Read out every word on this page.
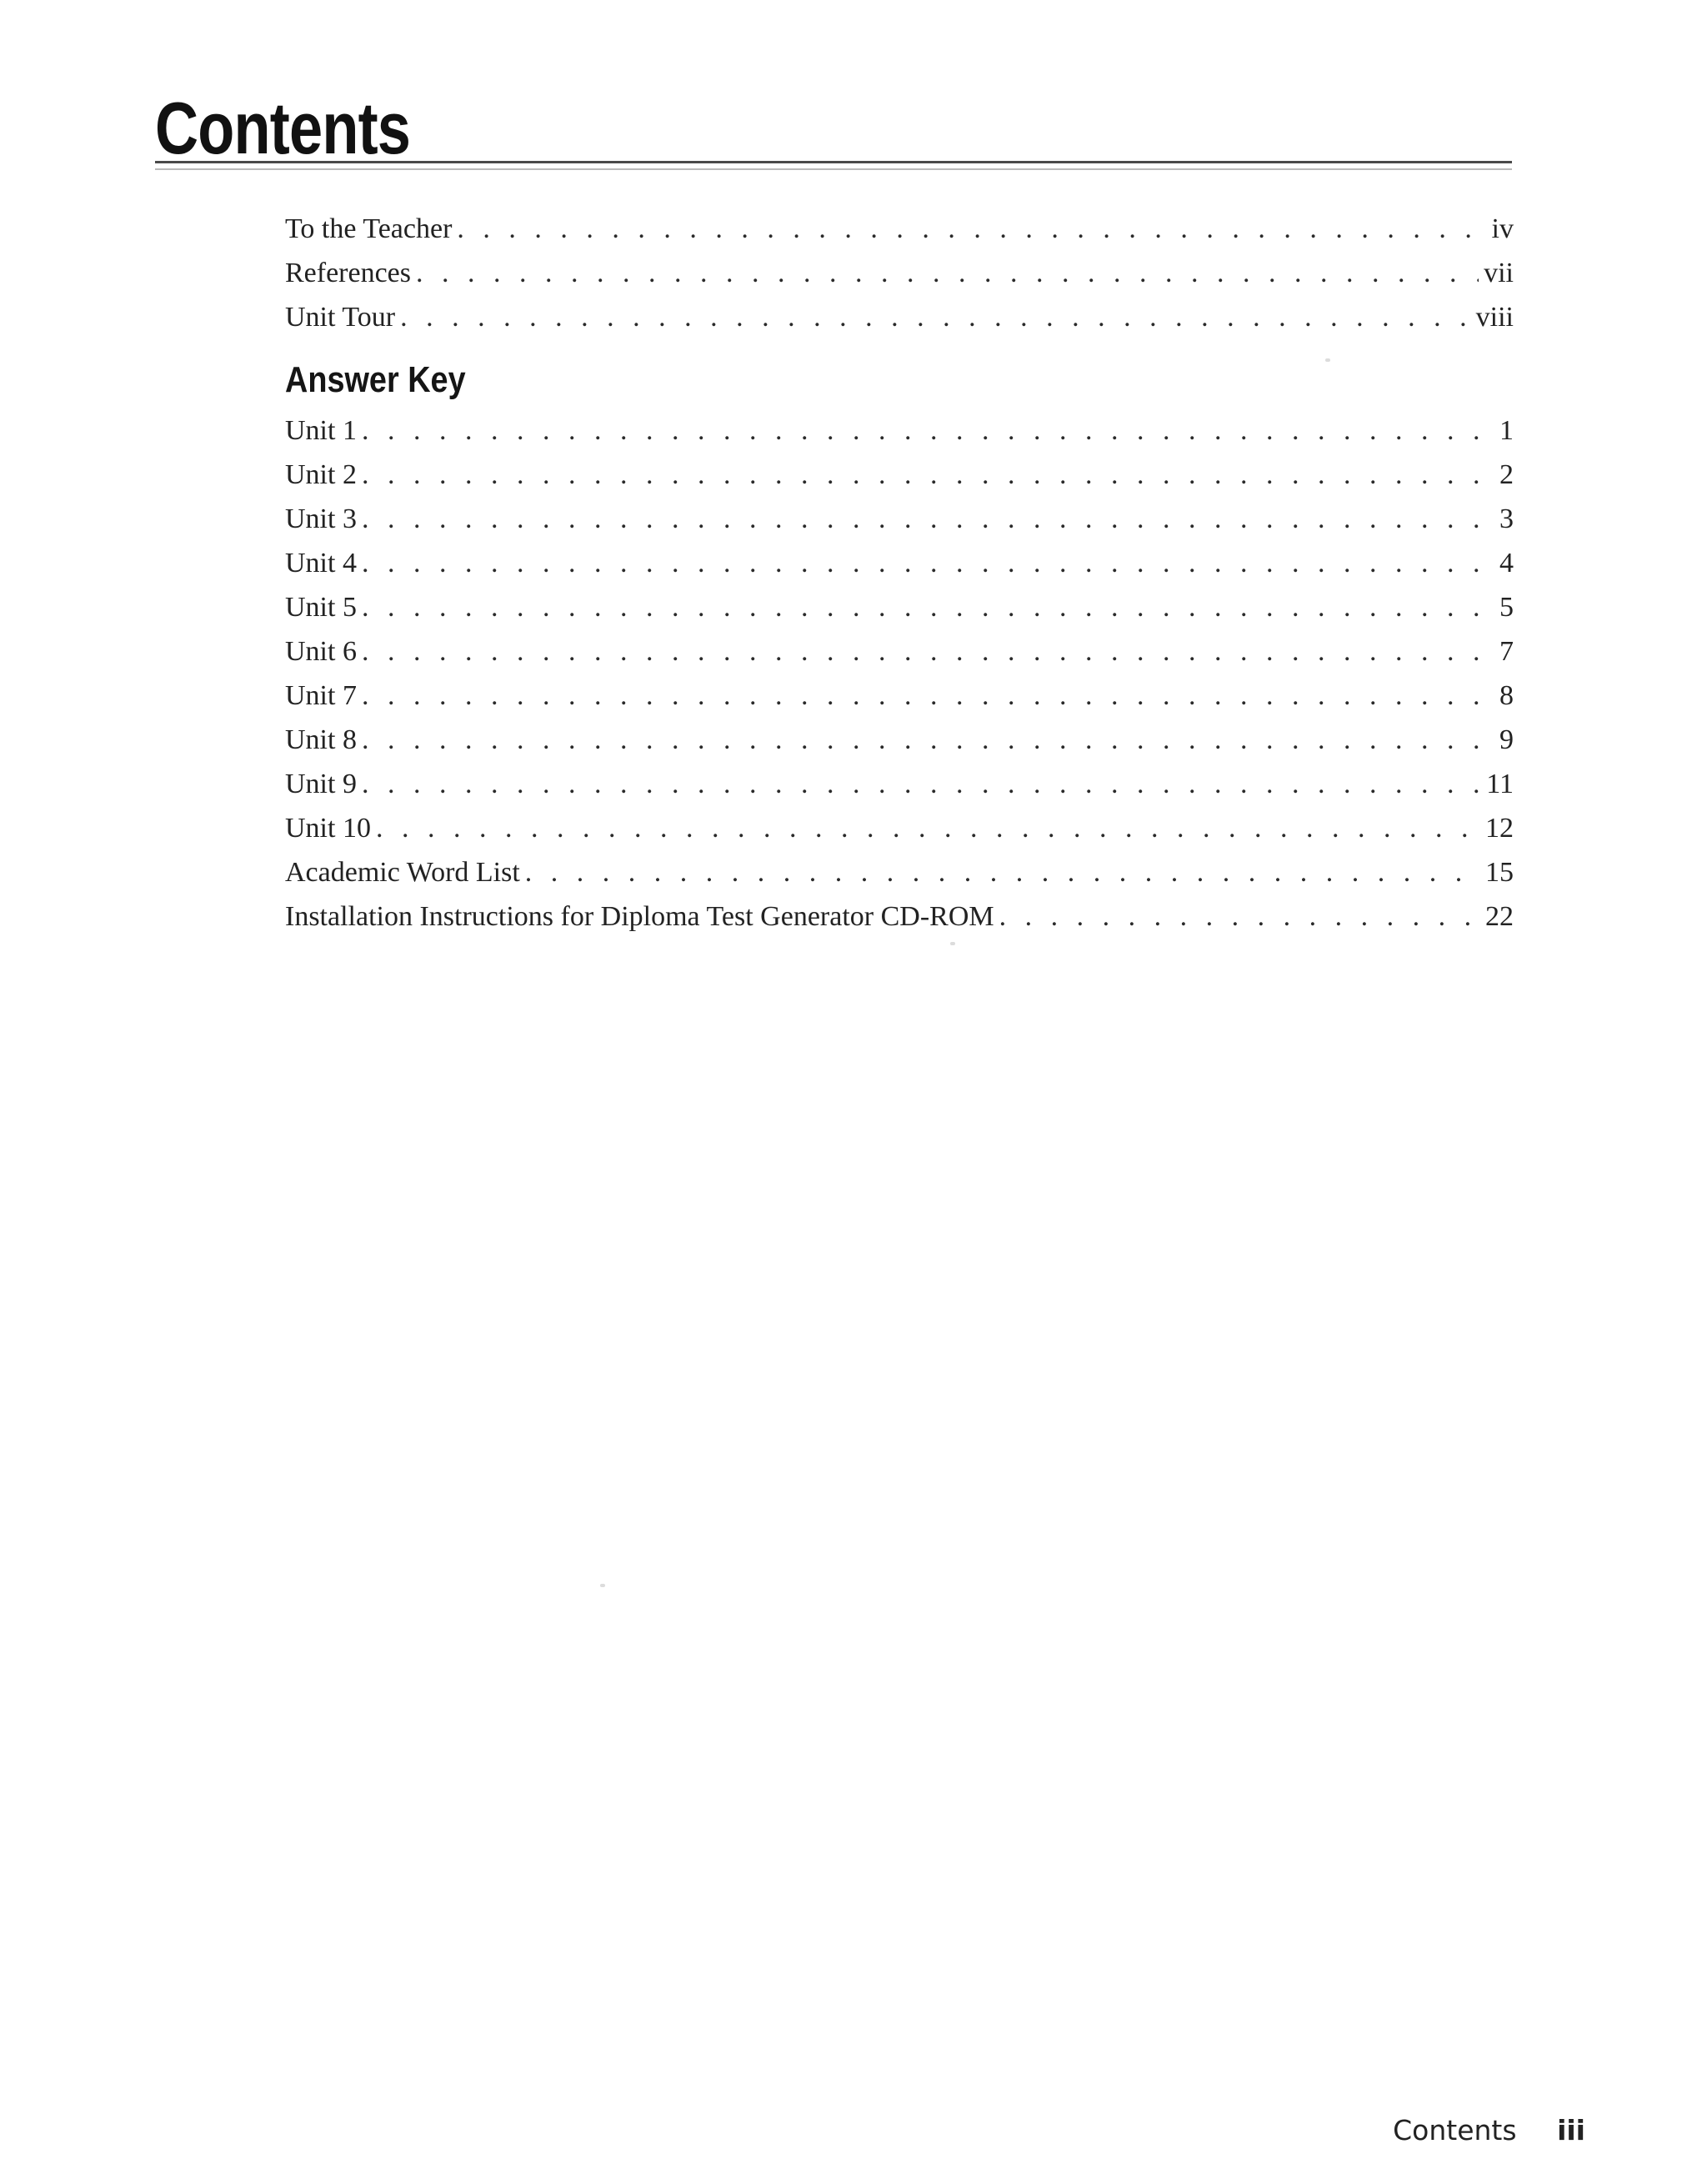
Contents
To the Teacher . . .	iv
References . . .	vii
Unit Tour . . .	viii
Answer Key
Unit 1 . . .	1
Unit 2 . . .	2
Unit 3 . . .	3
Unit 4 . . .	4
Unit 5 . . .	5
Unit 6 . . .	7
Unit 7 . . .	8
Unit 8 . . .	9
Unit 9 . . .	11
Unit 10 . . .	12
Academic Word List . . .	15
Installation Instructions for Diploma Test Generator CD-ROM . . .	22
Contents iii
